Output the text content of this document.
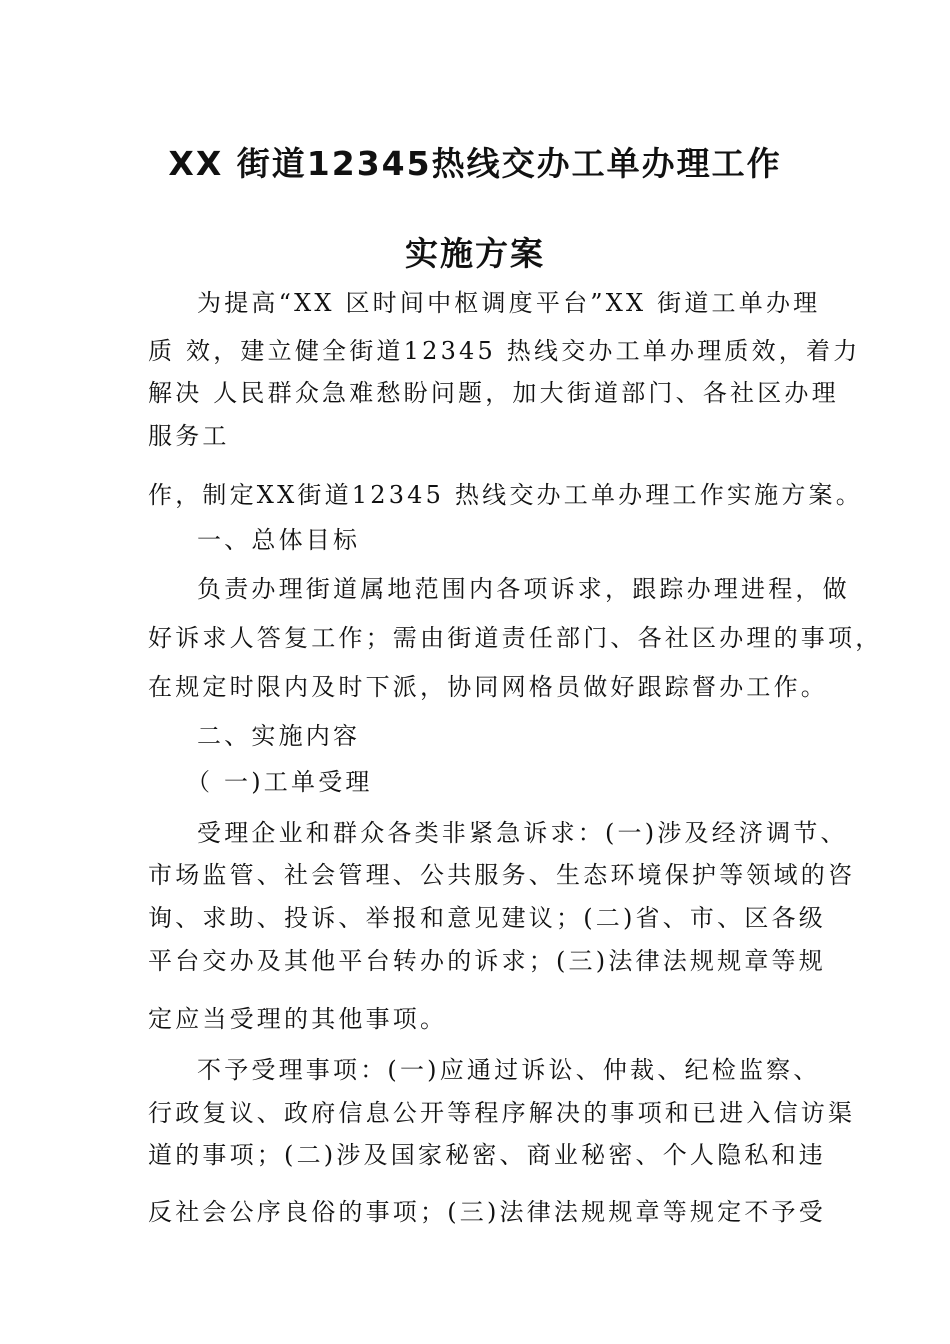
XX 街道12345热线交办工单办理工作
实施方案
为提高“XX 区时间中枢调度平台”XX 街道工单办理
质 效，建立健全街道12345 热线交办工单办理质效，着力
解决 人民群众急难愁盼问题，加大街道部门、各社区办理
服务工
作，制定XX街道12345 热线交办工单办理工作实施方案。
一、总体目标
负责办理街道属地范围内各项诉求，跟踪办理进程，做
好诉求人答复工作；需由街道责任部门、各社区办理的事项，
在规定时限内及时下派，协同网格员做好跟踪督办工作。
二、实施内容
（ 一)工单受理
受理企业和群众各类非紧急诉求：(一)涉及经济调节、
市场监管、社会管理、公共服务、生态环境保护等领域的咨
询、求助、投诉、举报和意见建议；(二)省、市、区各级
平台交办及其他平台转办的诉求；(三)法律法规规章等规
定应当受理的其他事项。
不予受理事项：(一)应通过诉讼、仲裁、纪检监察、
行政复议、政府信息公开等程序解决的事项和已进入信访渠
道的事项；(二)涉及国家秘密、商业秘密、个人隐私和违
反社会公序良俗的事项；(三)法律法规规章等规定不予受
